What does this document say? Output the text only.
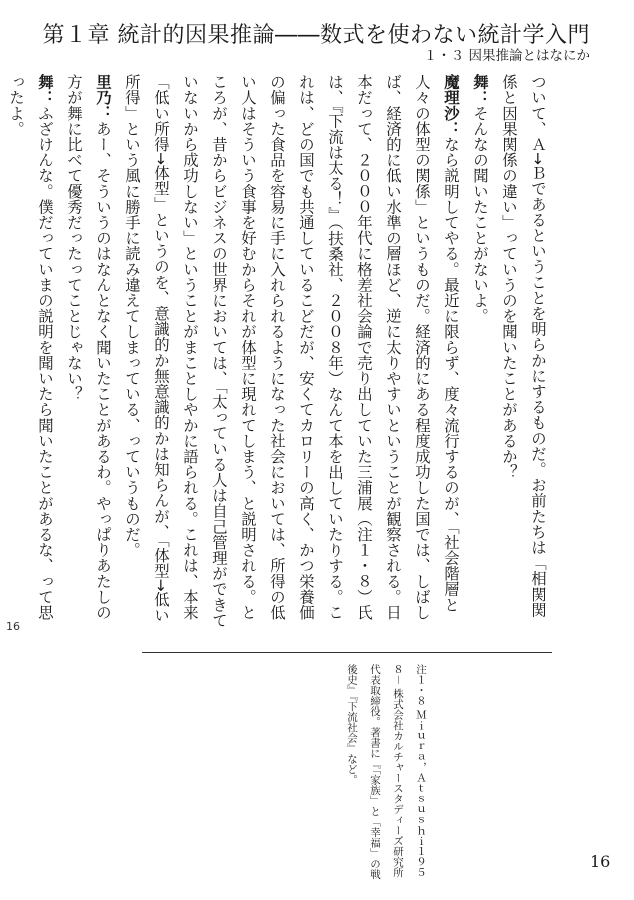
第１章 統計的因果推論――数式を使わない統計学入門
１・３ 因果推論とはなにか

ついて、Ａ→Ｂであるということを明らかにするものだ。お前たちは「相関関係と因果関係の違い」っていうのを聞いたことがあるか？

舞 ：そんなの聞いたことがないよ。

魔理沙 ：なら説明してやる。最近に限らず、度々流行するのが、「社会階層と人々の体型の関係」というものだ。経済的にある程度成功した国では、しばしば、経済的に低い水準の層ほど、逆に太りやすいということが観察される。日本だって、２０００年代に格差社会論で売り出していた三浦展（注１・８）氏は、『下流は太る！』（扶桑社、２００８年）なんて本を出していたりする。これは、どの国でも共通しているこどだが、安くてカロリーの高く、かつ栄養価の偏った食品を容易に手に入れられるようになった社会においては、所得の低い人はそういう食事を好むからそれが体型に現れてしまう、と説明される。ところが、昔からビジネスの世界においては、「太っている人は自己管理ができていないから成功しない」ということがまことしやかに語られる。これは、本来「低い所得→体型」というのを、意識的か無意識的かは知らんが、「体型→低い所得」という風に勝手に読み違えてしまっている、っていうものだ。

里乃 ：あー、そういうのはなんとなく聞いたことがあるわ。やっぱりあたしの方が舞に比べて優秀だったってことじゃない？

舞 ：ふざけんな。僕だっていまの説明を聞いたら聞いたことがあるな、って思ったよ。

16

注１・８ Ｍｉｕｒａ，Ａｔｓｕｓｈｉ１９５８－ 株式会社カルチャースタディーズ研究所代表取締役。著書に『「家族」と「幸福」の戦後史』『下流社会』など。

16
